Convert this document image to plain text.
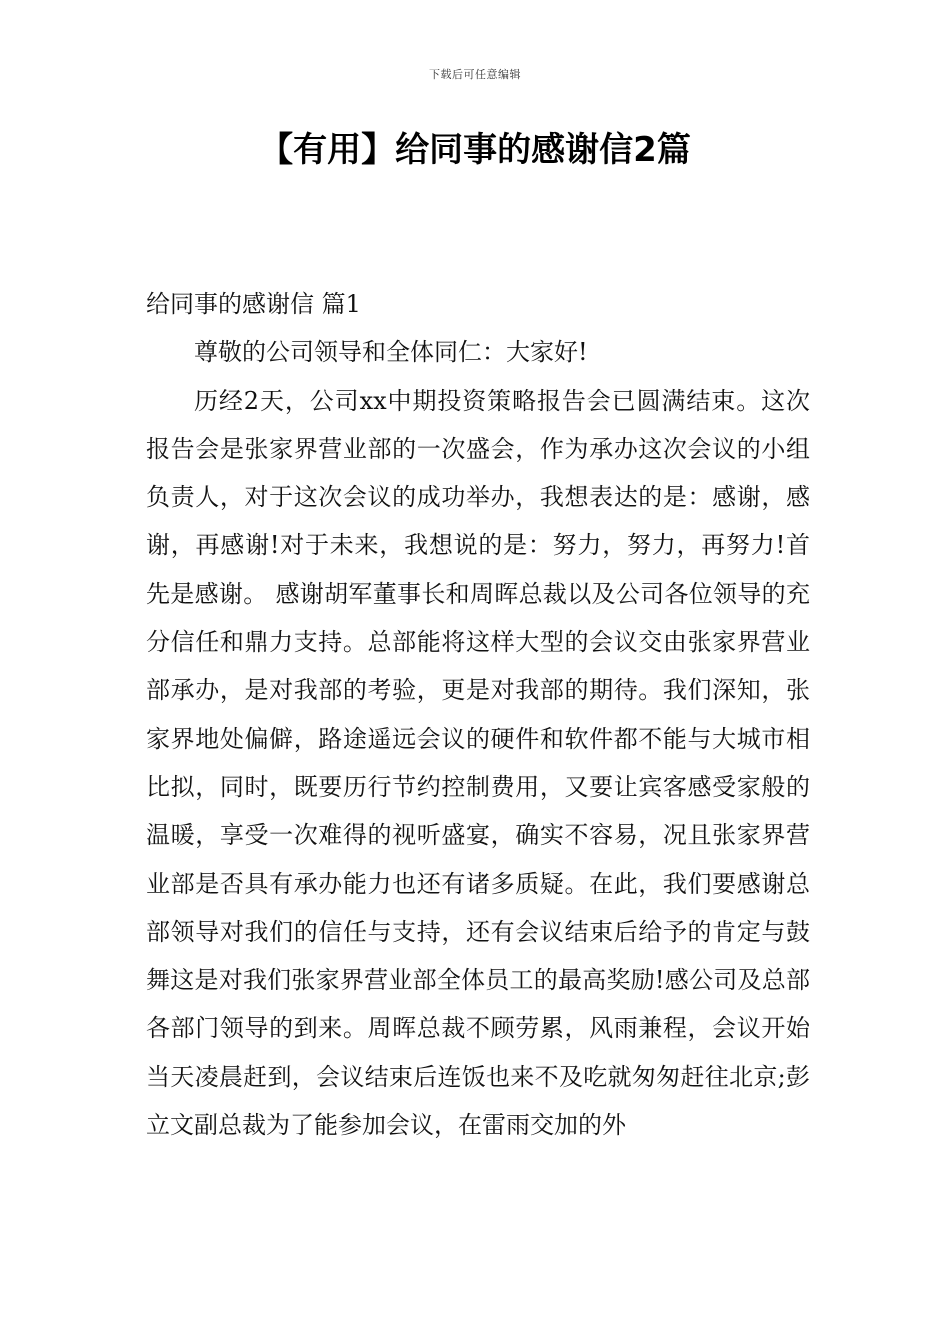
下载后可任意编辑
【有用】给同事的感谢信2篇

给同事的感谢信 篇1

尊敬的公司领导和全体同仁：大家好!

历经2天，公司xx中期投资策略报告会已圆满结束。这次报告会是张家界营业部的一次盛会，作为承办这次会议的小组负责人，对于这次会议的成功举办，我想表达的是：感谢，感谢，再感谢!对于未来，我想说的是：努力，努力，再努力!首先是感谢。 感谢胡军董事长和周晖总裁以及公司各位领导的充分信任和鼎力支持。总部能将这样大型的会议交由张家界营业部承办，是对我部的考验，更是对我部的期待。我们深知，张家界地处偏僻，路途遥远会议的硬件和软件都不能与大城市相比拟，同时，既要历行节约控制费用，又要让宾客感受家般的温暖，享受一次难得的视听盛宴，确实不容易，况且张家界营业部是否具有承办能力也还有诸多质疑。在此，我们要感谢总部领导对我们的信任与支持，还有会议结束后给予的肯定与鼓舞这是对我们张家界营业部全体员工的最高奖励!感公司及总部各部门领导的到来。周晖总裁不顾劳累，风雨兼程，会议开始当天凌晨赶到，会议结束后连饭也来不及吃就匆匆赶往北京;彭立文副总裁为了能参加会议，在雷雨交加的外
